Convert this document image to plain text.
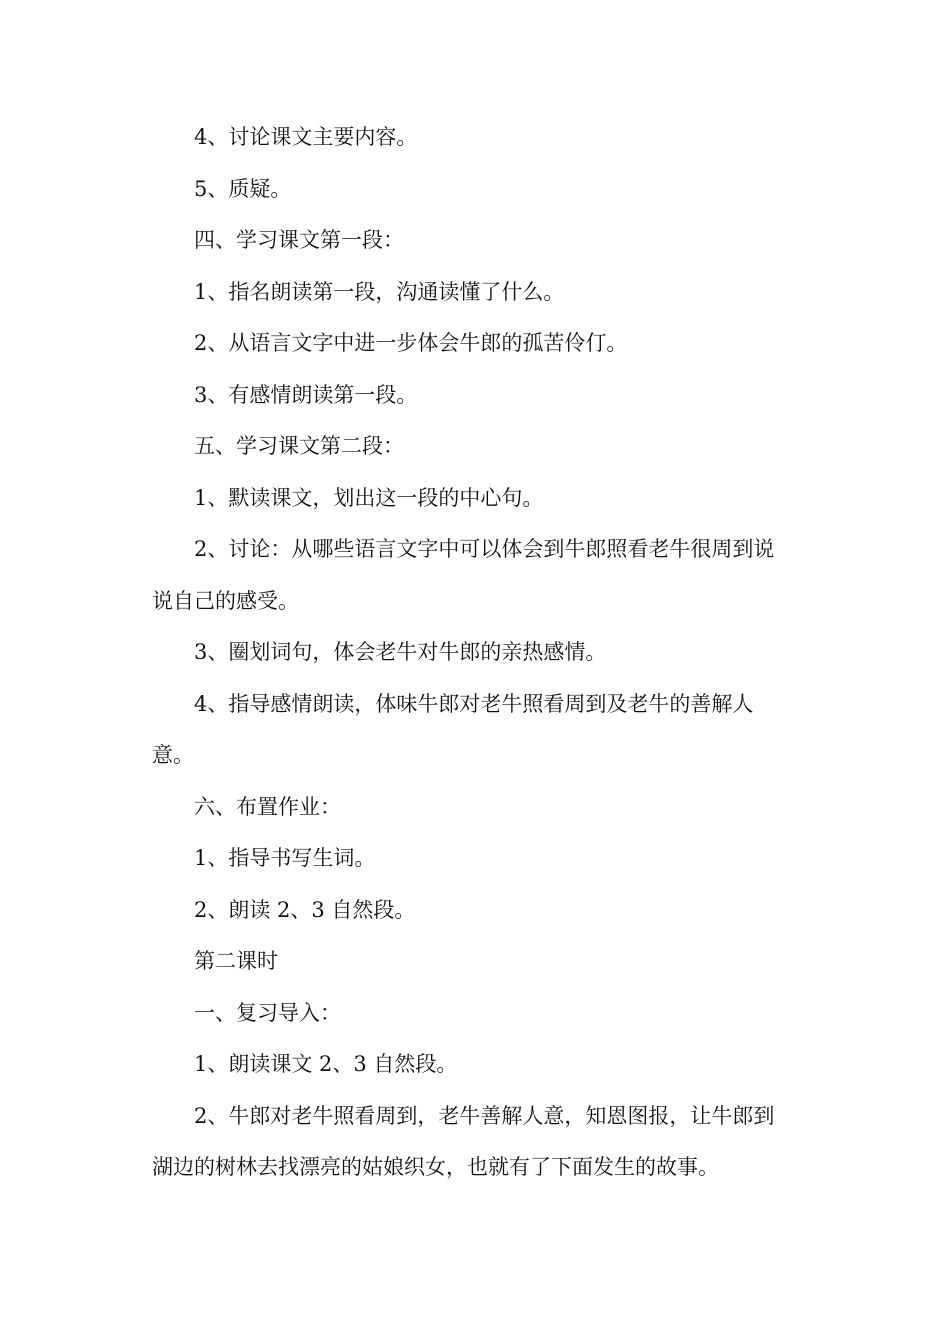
4、讨论课文主要内容。

5、质疑。

四、学习课文第一段：

1、指名朗读第一段，沟通读懂了什么。

2、从语言文字中进一步体会牛郎的孤苦伶仃。

3、有感情朗读第一段。

五、学习课文第二段：

1、默读课文，划出这一段的中心句。

2、讨论：从哪些语言文字中可以体会到牛郎照看老牛很周到说说自己的感受。

3、圈划词句，体会老牛对牛郎的亲热感情。

4、指导感情朗读，体味牛郎对老牛照看周到及老牛的善解人意。

六、布置作业：

1、指导书写生词。

2、朗读 2、3 自然段。

第二课时

一、复习导入：

1、朗读课文 2、3 自然段。

2、牛郎对老牛照看周到，老牛善解人意，知恩图报，让牛郎到湖边的树林去找漂亮的姑娘织女，也就有了下面发生的故事。
